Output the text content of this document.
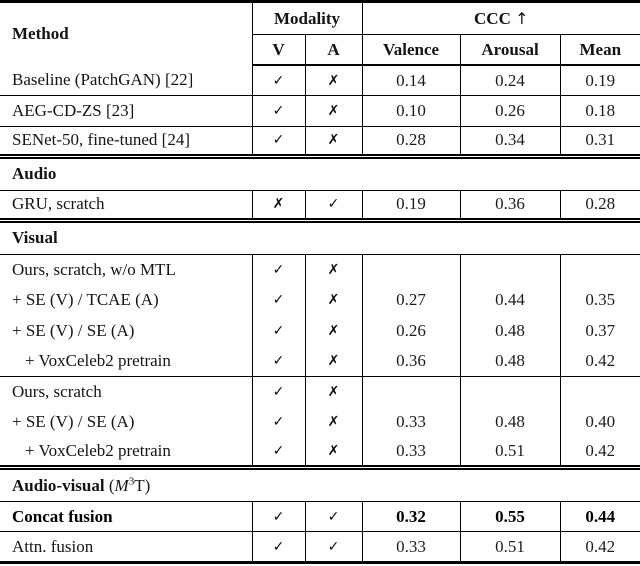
Method	Modality		CCC ↑		
	V	A	Valence	Arousal	Mean
Baseline (PatchGAN) [22]	✓	✗	0.14	0.24	0.19
AEG-CD-ZS [23]	✓	✗	0.10	0.26	0.18
SENet-50, fine-tuned [24]	✓	✗	0.28	0.34	0.31
Audio					
GRU, scratch	✗	✓	0.19	0.36	0.28
Visual					
Ours, scratch, w/o MTL	✓	✗			
+ SE (V) / TCAE (A)	✓	✗	0.27	0.44	0.35
+ SE (V) / SE (A)	✓	✗	0.26	0.48	0.37
+ VoxCeleb2 pretrain	✓	✗	0.36	0.48	0.42
Ours, scratch	✓	✗			
+ SE (V) / SE (A)	✓	✗	0.33	0.48	0.40
+ VoxCeleb2 pretrain	✓	✗	0.33	0.51	0.42
Audio-visual $(M^3T)$					
Concat fusion	✓	✓	0.32	0.55	0.44
Attn. fusion	✓	✓	0.33	0.51	0.42
